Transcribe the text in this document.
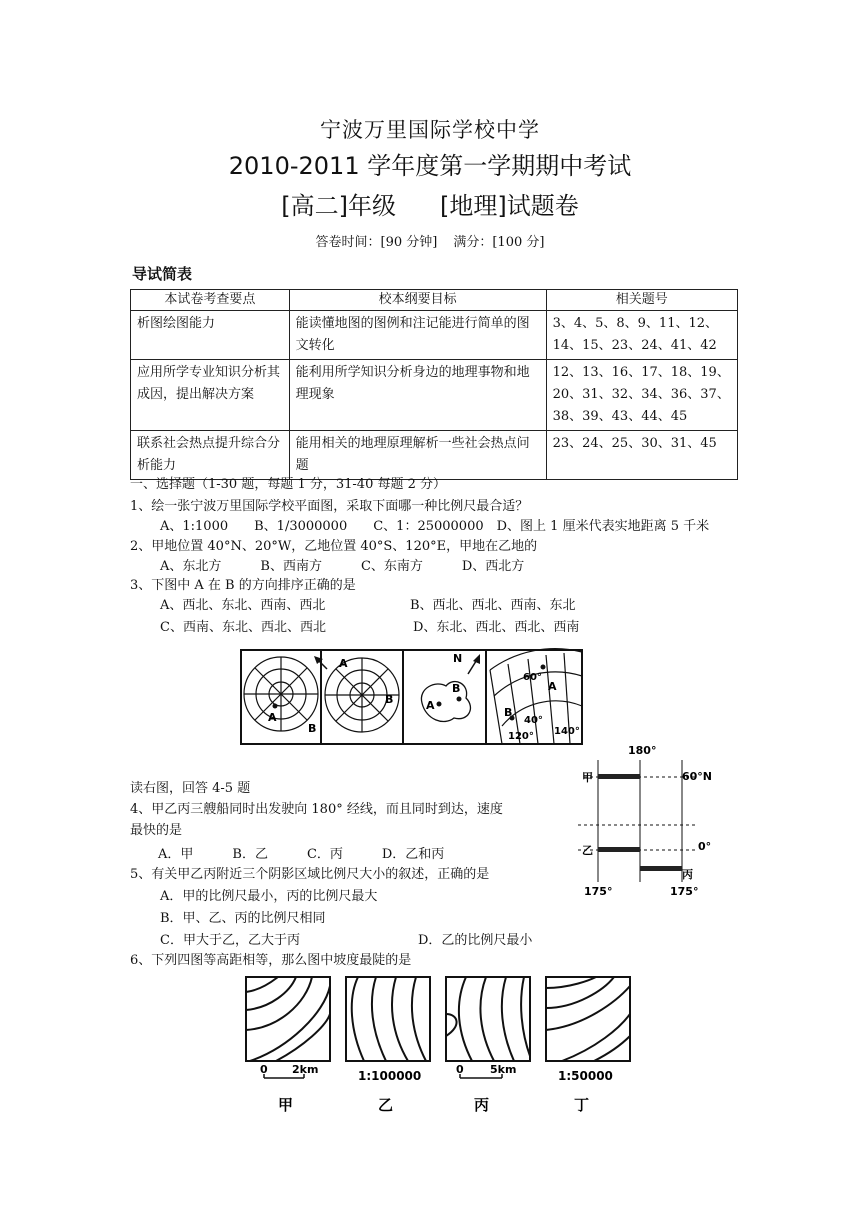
宁波万里国际学校中学
2010-2011 学年度第一学期期中考试
[高二]年级 [地理]试题卷
答卷时间：[90 分钟] 满分：[100 分]
导试简表
本试卷考查要点	校本纲要目标	相关题号
析图绘图能力	能读懂地图的图例和注记能进行简单的图文转化	3、4、5、8、9、11、12、14、15、23、24、41、42
应用所学专业知识分析其成因，提出解决方案	能利用所学知识分析身边的地理事物和地理现象	12、13、16、17、18、19、20、31、32、34、36、37、38、39、43、44、45
联系社会热点提升综合分析能力	能用相关的地理原理解析一些社会热点问题	23、24、25、30、31、45
一、选择题（1-30 题，每题 1 分，31-40 每题 2 分）
1、绘一张宁波万里国际学校平面图，采取下面哪一种比例尺最合适？
A、1:1000　　B、1/3000000　　C、1：25000000　D、图上 1 厘米代表实地距离 5 千米
2、甲地位置 40°N、20°W，乙地位置 40°S、120°E，甲地在乙地的
A、东北方　　　B、西南方　　　C、东南方　　　D、西北方
3、下图中 A 在 B 的方向排序正确的是
A、西北、东北、西南、西北	B、西北、西北、西南、东北
C、西南、东北、西北、西北	D、东北、西北、西北、西南
A
B
A
B	A
B
N
60°
A
B
40°
120° 140°
读右图，回答 4-5 题
4、甲乙丙三艘船同时出发驶向 180° 经线，而且同时到达，速度
最快的是
A．甲　　　B．乙　　　C．丙　　　D．乙和丙
5、有关甲乙丙附近三个阴影区域比例尺大小的叙述，正确的是
A．甲的比例尺最小，丙的比例尺最大
B．甲、乙、丙的比例尺相同
C．甲大于乙，乙大于丙	D．乙的比例尺最小
6、下列四图等高距相等，那么图中坡度最陡的是
180°
甲
乙
丙
60°N
0°
175°	175°
0 2km	1:100000	0 5km	1:50000
甲	乙	丙	丁
